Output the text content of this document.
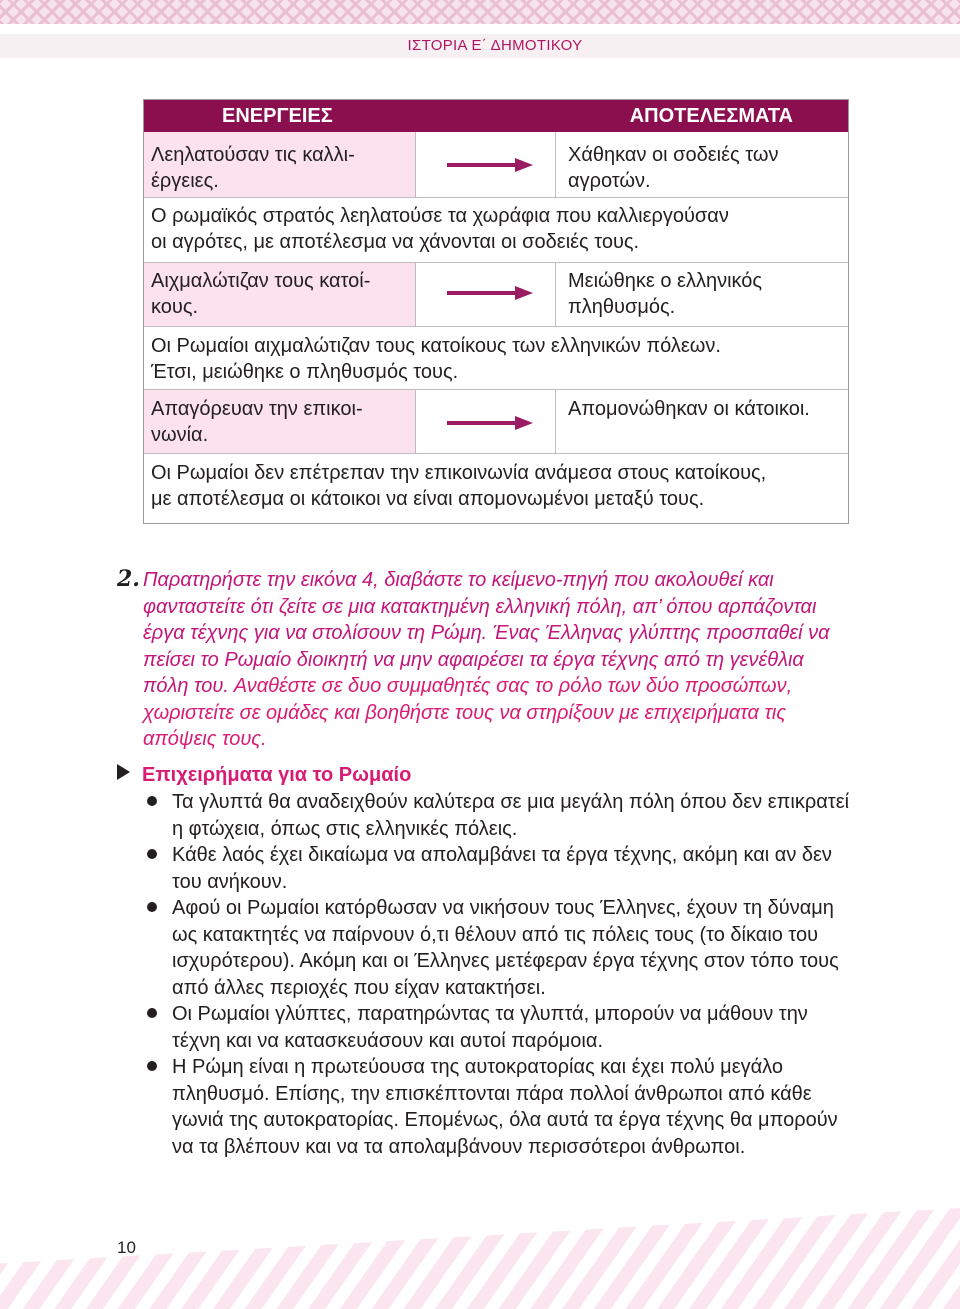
ΙΣΤΟΡΙΑ Ε΄ ΔΗΜΟΤΙΚΟΥ
ΕΝΕΡΓΕΙΕΣ	ΑΠΟΤΕΛΕΣΜΑΤΑ
Λεηλατούσαν τις καλλι-
έργειες.
Χάθηκαν οι σοδειές των
αγροτών.
Ο ρωμαϊκός στρατός λεηλατούσε τα χωράφια που καλλιεργούσαν
οι αγρότες, με αποτέλεσμα να χάνονται οι σοδειές τους.
Αιχμαλώτιζαν τους κατοί-
κους.
Μειώθηκε ο ελληνικός
πληθυσμός.
Οι Ρωμαίοι αιχμαλώτιζαν τους κατοίκους των ελληνικών πόλεων.
Έτσι, μειώθηκε ο πληθυσμός τους.
Απαγόρευαν την επικοι-
νωνία.
Απομονώθηκαν οι κάτοικοι.
Οι Ρωμαίοι δεν επέτρεπαν την επικοινωνία ανάμεσα στους κατοίκους,
με αποτέλεσμα οι κάτοικοι να είναι απομονωμένοι μεταξύ τους.
2. Παρατηρήστε την εικόνα 4, διαβάστε το κείμενο-πηγή που ακολουθεί και φανταστείτε ότι ζείτε σε μια κατακτημένη ελληνική πόλη, απ’ όπου αρπάζονται έργα τέχνης για να στολίσουν τη Ρώμη. Ένας Έλληνας γλύπτης προσπαθεί να πείσει το Ρωμαίο διοικητή να μην αφαιρέσει τα έργα τέχνης από τη γενέθλια πόλη του. Αναθέστε σε δυο συμμαθητές σας το ρόλο των δύο προσώπων, χωριστείτε σε ομάδες και βοηθήστε τους να στηρίξουν με επιχειρήματα τις απόψεις τους.
Επιχειρήματα για το Ρωμαίο
Τα γλυπτά θα αναδειχθούν καλύτερα σε μια μεγάλη πόλη όπου δεν επικρατεί η φτώχεια, όπως στις ελληνικές πόλεις.
Κάθε λαός έχει δικαίωμα να απολαμβάνει τα έργα τέχνης, ακόμη και αν δεν του ανήκουν.
Αφού οι Ρωμαίοι κατόρθωσαν να νικήσουν τους Έλληνες, έχουν τη δύναμη ως κατακτητές να παίρνουν ό,τι θέλουν από τις πόλεις τους (το δίκαιο του ισχυρότερου). Ακόμη και οι Έλληνες μετέφεραν έργα τέχνης στον τόπο τους από άλλες περιοχές που είχαν κατακτήσει.
Οι Ρωμαίοι γλύπτες, παρατηρώντας τα γλυπτά, μπορούν να μάθουν την τέχνη και να κατασκευάσουν και αυτοί παρόμοια.
Η Ρώμη είναι η πρωτεύουσα της αυτοκρατορίας και έχει πολύ μεγάλο πληθυσμό. Επίσης, την επισκέπτονται πάρα πολλοί άνθρωποι από κάθε γωνιά της αυτοκρατορίας. Επομένως, όλα αυτά τα έργα τέχνης θα μπορούν να τα βλέπουν και να τα απολαμβάνουν περισσότεροι άνθρωποι.
10
